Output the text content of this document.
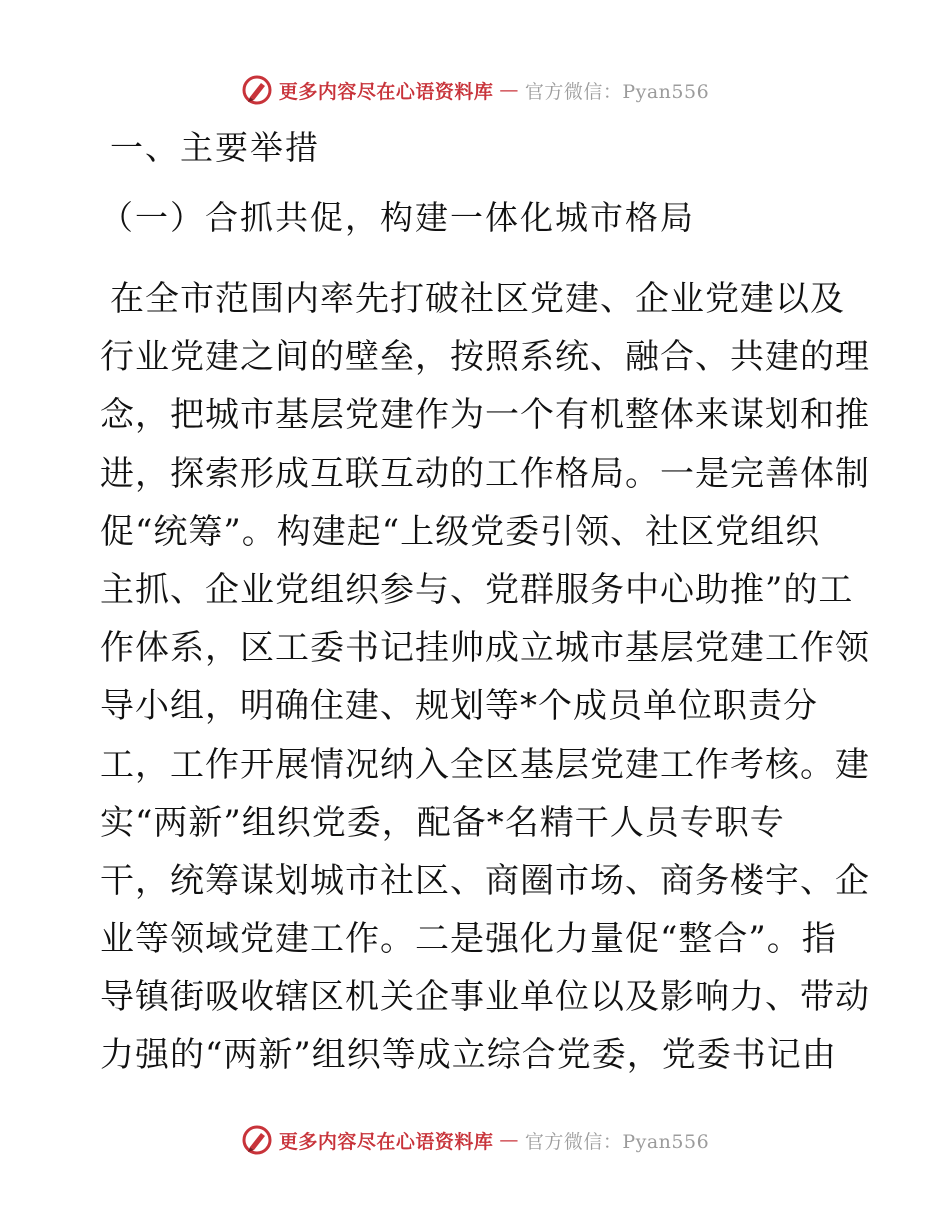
更多内容尽在心语资料库 — 官方微信：Pyan556
一、主要举措
（一）合抓共促，构建一体化城市格局
在全市范围内率先打破社区党建、企业党建以及
行业党建之间的壁垒，按照系统、融合、共建的理
念，把城市基层党建作为一个有机整体来谋划和推
进，探索形成互联互动的工作格局。一是完善体制
促“统筹”。构建起“上级党委引领、社区党组织
主抓、企业党组织参与、党群服务中心助推”的工
作体系，区工委书记挂帅成立城市基层党建工作领
导小组，明确住建、规划等*个成员单位职责分
工，工作开展情况纳入全区基层党建工作考核。建
实“两新”组织党委，配备*名精干人员专职专
干，统筹谋划城市社区、商圈市场、商务楼宇、企
业等领域党建工作。二是强化力量促“整合”。指
导镇街吸收辖区机关企事业单位以及影响力、带动
力强的“两新”组织等成立综合党委，党委书记由
更多内容尽在心语资料库 — 官方微信：Pyan556
